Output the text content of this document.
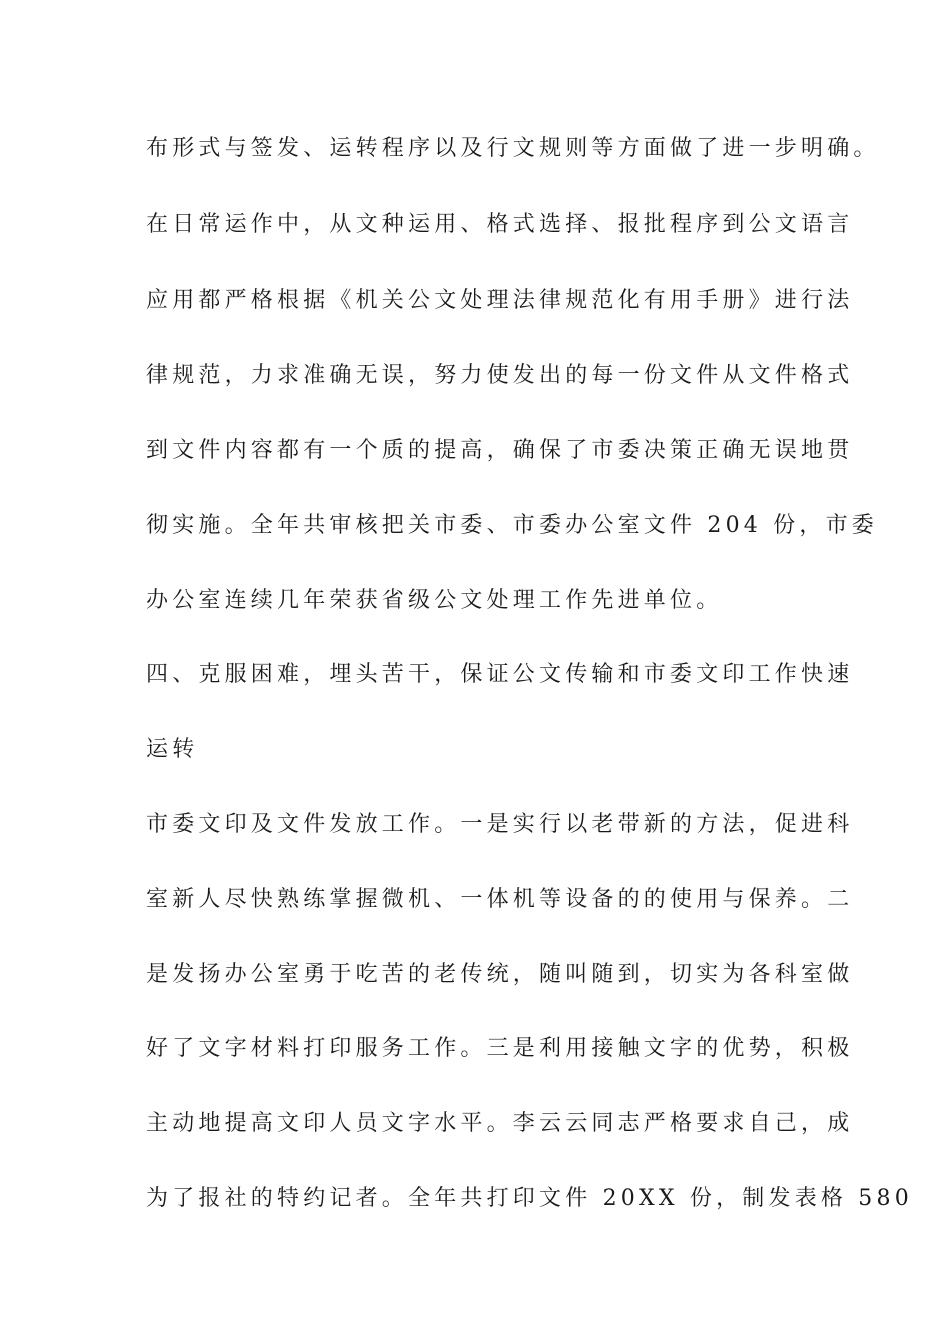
布形式与签发、运转程序以及行文规则等方面做了进一步明确。
在日常运作中，从文种运用、格式选择、报批程序到公文语言
应用都严格根据《机关公文处理法律规范化有用手册》进行法
律规范，力求准确无误，努力使发出的每一份文件从文件格式
到文件内容都有一个质的提高，确保了市委决策正确无误地贯
彻实施。全年共审核把关市委、市委办公室文件 204 份，市委
办公室连续几年荣获省级公文处理工作先进单位。
四、克服困难，埋头苦干，保证公文传输和市委文印工作快速
运转
市委文印及文件发放工作。一是实行以老带新的方法，促进科
室新人尽快熟练掌握微机、一体机等设备的的使用与保养。二
是发扬办公室勇于吃苦的老传统，随叫随到，切实为各科室做
好了文字材料打印服务工作。三是利用接触文字的优势，积极
主动地提高文印人员文字水平。李云云同志严格要求自己，成
为了报社的特约记者。全年共打印文件 20XX 份，制发表格 580
